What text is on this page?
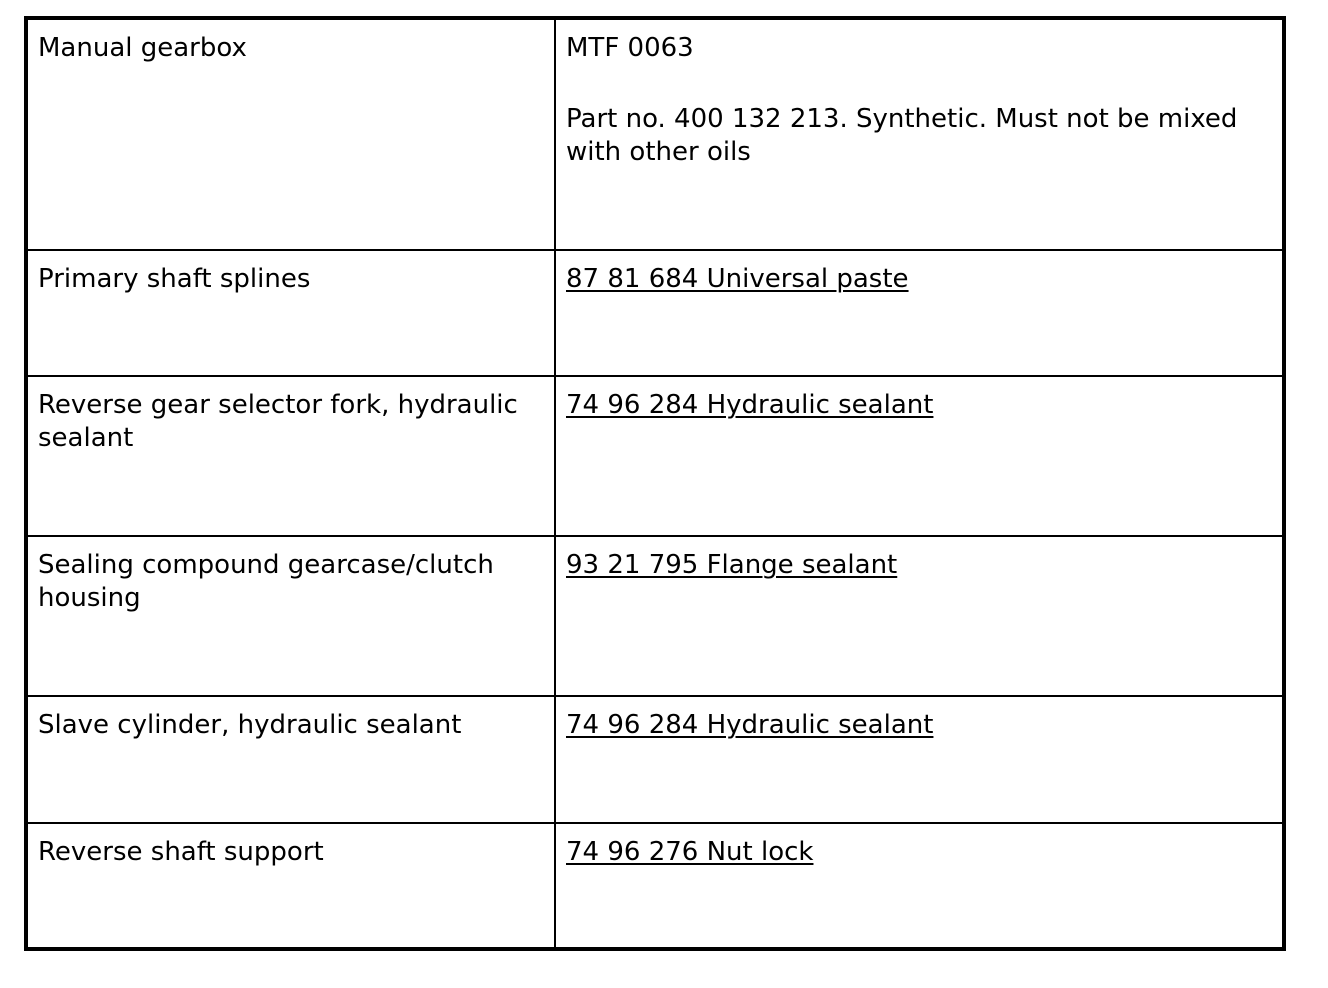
Manual gearbox	MTF 0063
Part no. 400 132 213. Synthetic. Must not be mixed with other oils

Primary shaft splines	87 81 684 Universal paste
Reverse gear selector fork, hydraulic sealant	74 96 284 Hydraulic sealant
Sealing compound gearcase/clutch housing	93 21 795 Flange sealant
Slave cylinder, hydraulic sealant	74 96 284 Hydraulic sealant
Reverse shaft support	74 96 276 Nut lock
